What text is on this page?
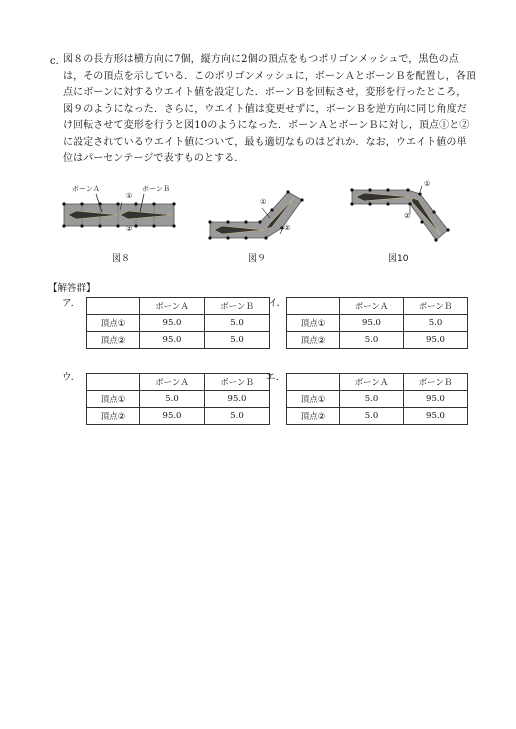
c．
図８の長方形は横方向に7個，縦方向に2個の頂点をもつポリゴンメッシュで，黒色の点
は，その頂点を示している．このポリゴンメッシュに，ボーンＡとボーンＢを配置し，各頂
点にボーンに対するウエイト値を設定した．ボーンＢを回転させ，変形を行ったところ，
図９のようになった．さらに，ウエイト値は変更せずに，ボーンＢを逆方向に同じ角度だ
け回転させて変形を行うと図10のようになった．ボーンＡとボーンＢに対し，頂点①と②
に設定されているウエイト値について，最も適切なものはどれか．なお，ウエイト値の単
位はパーセンテージで表すものとする．
ボーンＡ	ボーンＢ
①
②
図８
①
②
図９
①
②
図10
【解答群】
ア．
		ボーンＡ	ボーンＢ
頂点①	95.0	5.0
頂点②	95.0	5.0
イ．
		ボーンＡ	ボーンＢ
頂点①	95.0	5.0
頂点②	5.0	95.0
ウ．
		ボーンＡ	ボーンＢ
頂点①	5.0	95.0
頂点②	95.0	5.0
エ．
		ボーンＡ	ボーンＢ
頂点①	5.0	95.0
頂点②	5.0	95.0
